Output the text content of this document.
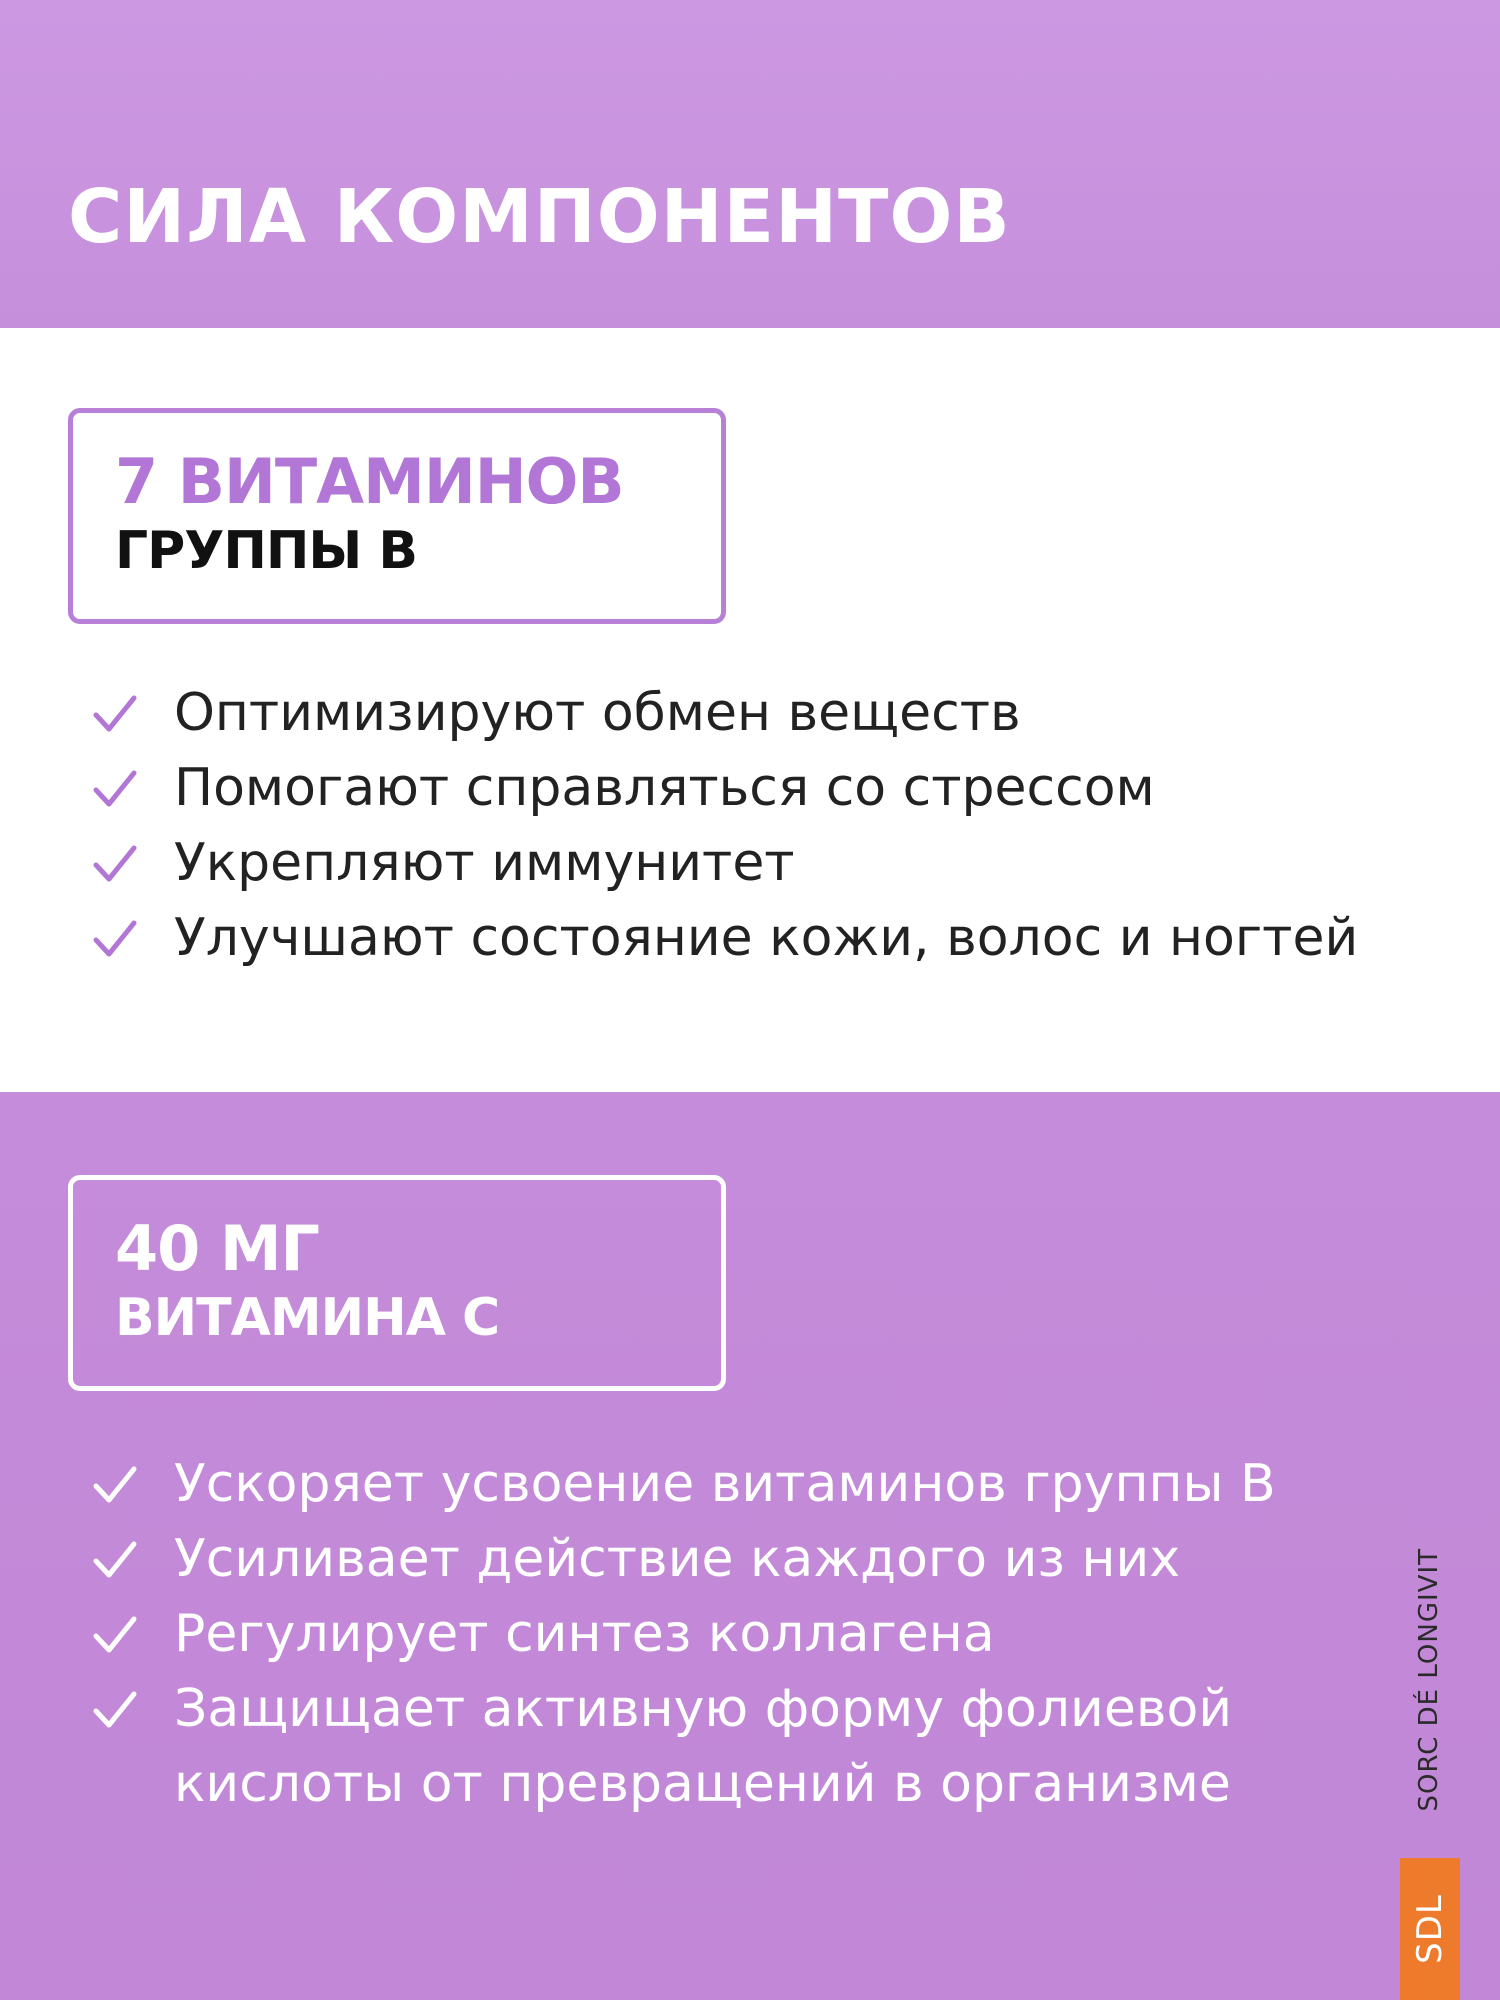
СИЛА КОМПОНЕНТОВ
7 ВИТАМИНОВ
ГРУППЫ В
Оптимизируют обмен веществ
Помогают справляться со стрессом
Укрепляют иммунитет
Улучшают состояние кожи, волос и ногтей
40 МГ
ВИТАМИНА С
Ускоряет усвоение витаминов группы В
Усиливает действие каждого из них
Регулирует синтез коллагена
Защищает активную форму фолиевой кислоты от превращений в организме	SORC DÉ LONGIVIT
SDL
